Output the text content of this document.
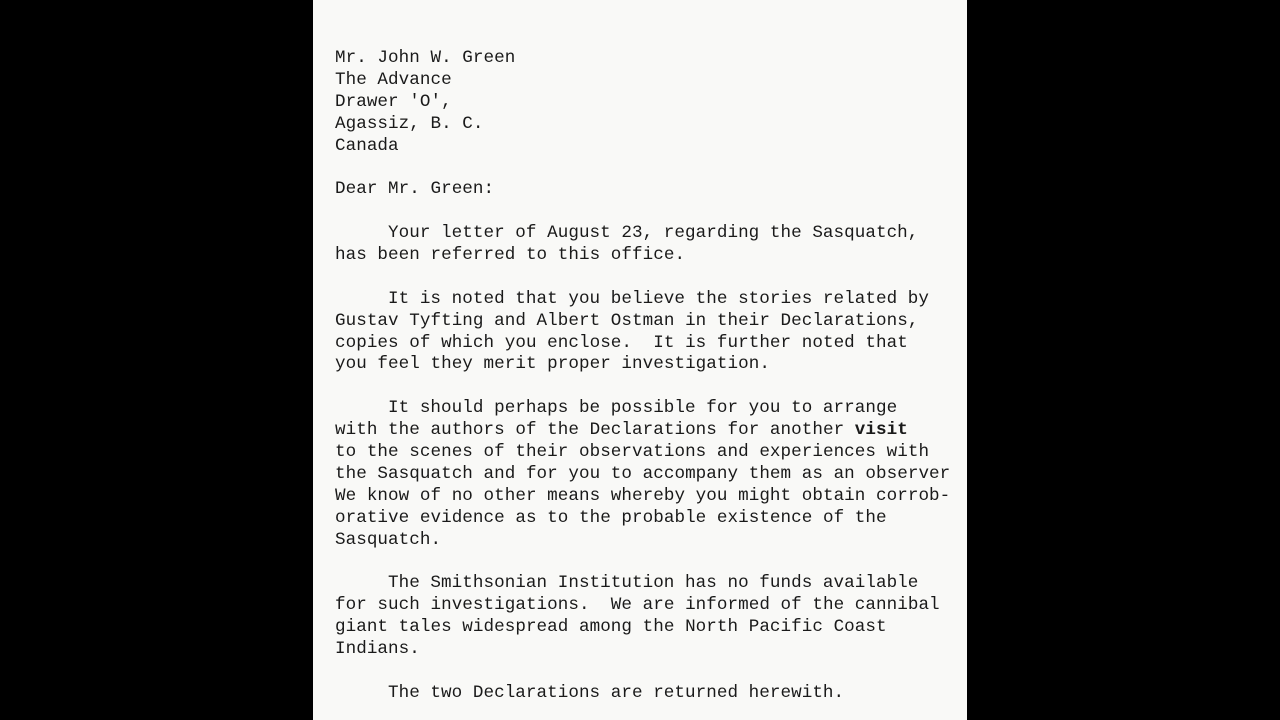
Mr. John W. Green
The Advance
Drawer 'O',
Agassiz, B. C.
Canada
Dear Mr. Green:
Your letter of August 23, regarding the Sasquatch,
has been referred to this office.
It is noted that you believe the stories related by
Gustav Tyfting and Albert Ostman in their Declarations,
copies of which you enclose.  It is further noted that
you feel they merit proper investigation.
It should perhaps be possible for you to arrange
with the authors of the Declarations for another visit
to the scenes of their observations and experiences with
the Sasquatch and for you to accompany them as an observer
We know of no other means whereby you might obtain corrob-
orative evidence as to the probable existence of the
Sasquatch.
The Smithsonian Institution has no funds available
for such investigations.  We are informed of the cannibal
giant tales widespread among the North Pacific Coast
Indians.
The two Declarations are returned herewith.
